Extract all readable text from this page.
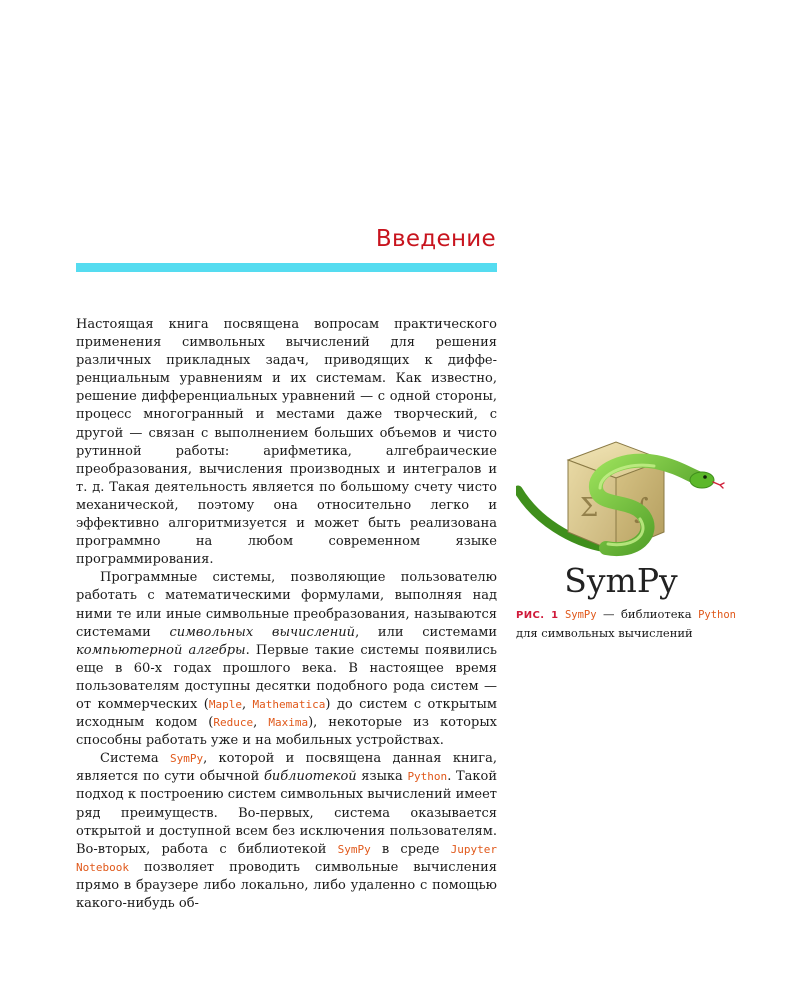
Введение

Настоящая книга посвящена вопросам практического применения символьных вычислений для решения различных прикладных задач, приводящих к дифференциальным уравнениям и их системам. Как известно, решение дифференциальных уравнений — с одной стороны, процесс многогранный и местами даже творческий, с другой — связан с выполнением больших объемов и чисто рутинной работы: арифметика, алгебраические преобразования, вычисления производных и интегралов и т. д. Такая деятельность является по большому счету чисто механической, поэтому она относительно легко и эффективно алгоритмизуется и может быть реализована программно на любом современном языке программирования.

Программные системы, позволяющие пользователю работать с математическими формулами, выполняя над ними те или иные символьные преобразования, называются системами символьных вычислений, или системами компьютерной алгебры. Первые такие системы появились еще в 60-х годах прошлого века. В настоящее время пользователям доступны десятки подобного рода систем — от коммерческих (Maple, Mathematica) до систем с открытым исходным кодом (Reduce, Maxima), некоторые из которых способны работать уже и на мобильных устройствах.

Система SymPy, которой и посвящена данная книга, является по сути обычной библиотекой языка Python. Такой подход к построению систем символьных вычислений имеет ряд преимуществ. Во-первых, система оказывается открытой и доступной всем без исключения пользователям. Во-вторых, работа с библиотекой SymPy в среде Jupyter Notebook позволяет проводить символьные вычисления прямо в браузере либо локально, либо удаленно с помощью какого-нибудь об-

Σ ∫
SymPy
РИС. 1 SymPy — библиотека Python для символьных вычислений
